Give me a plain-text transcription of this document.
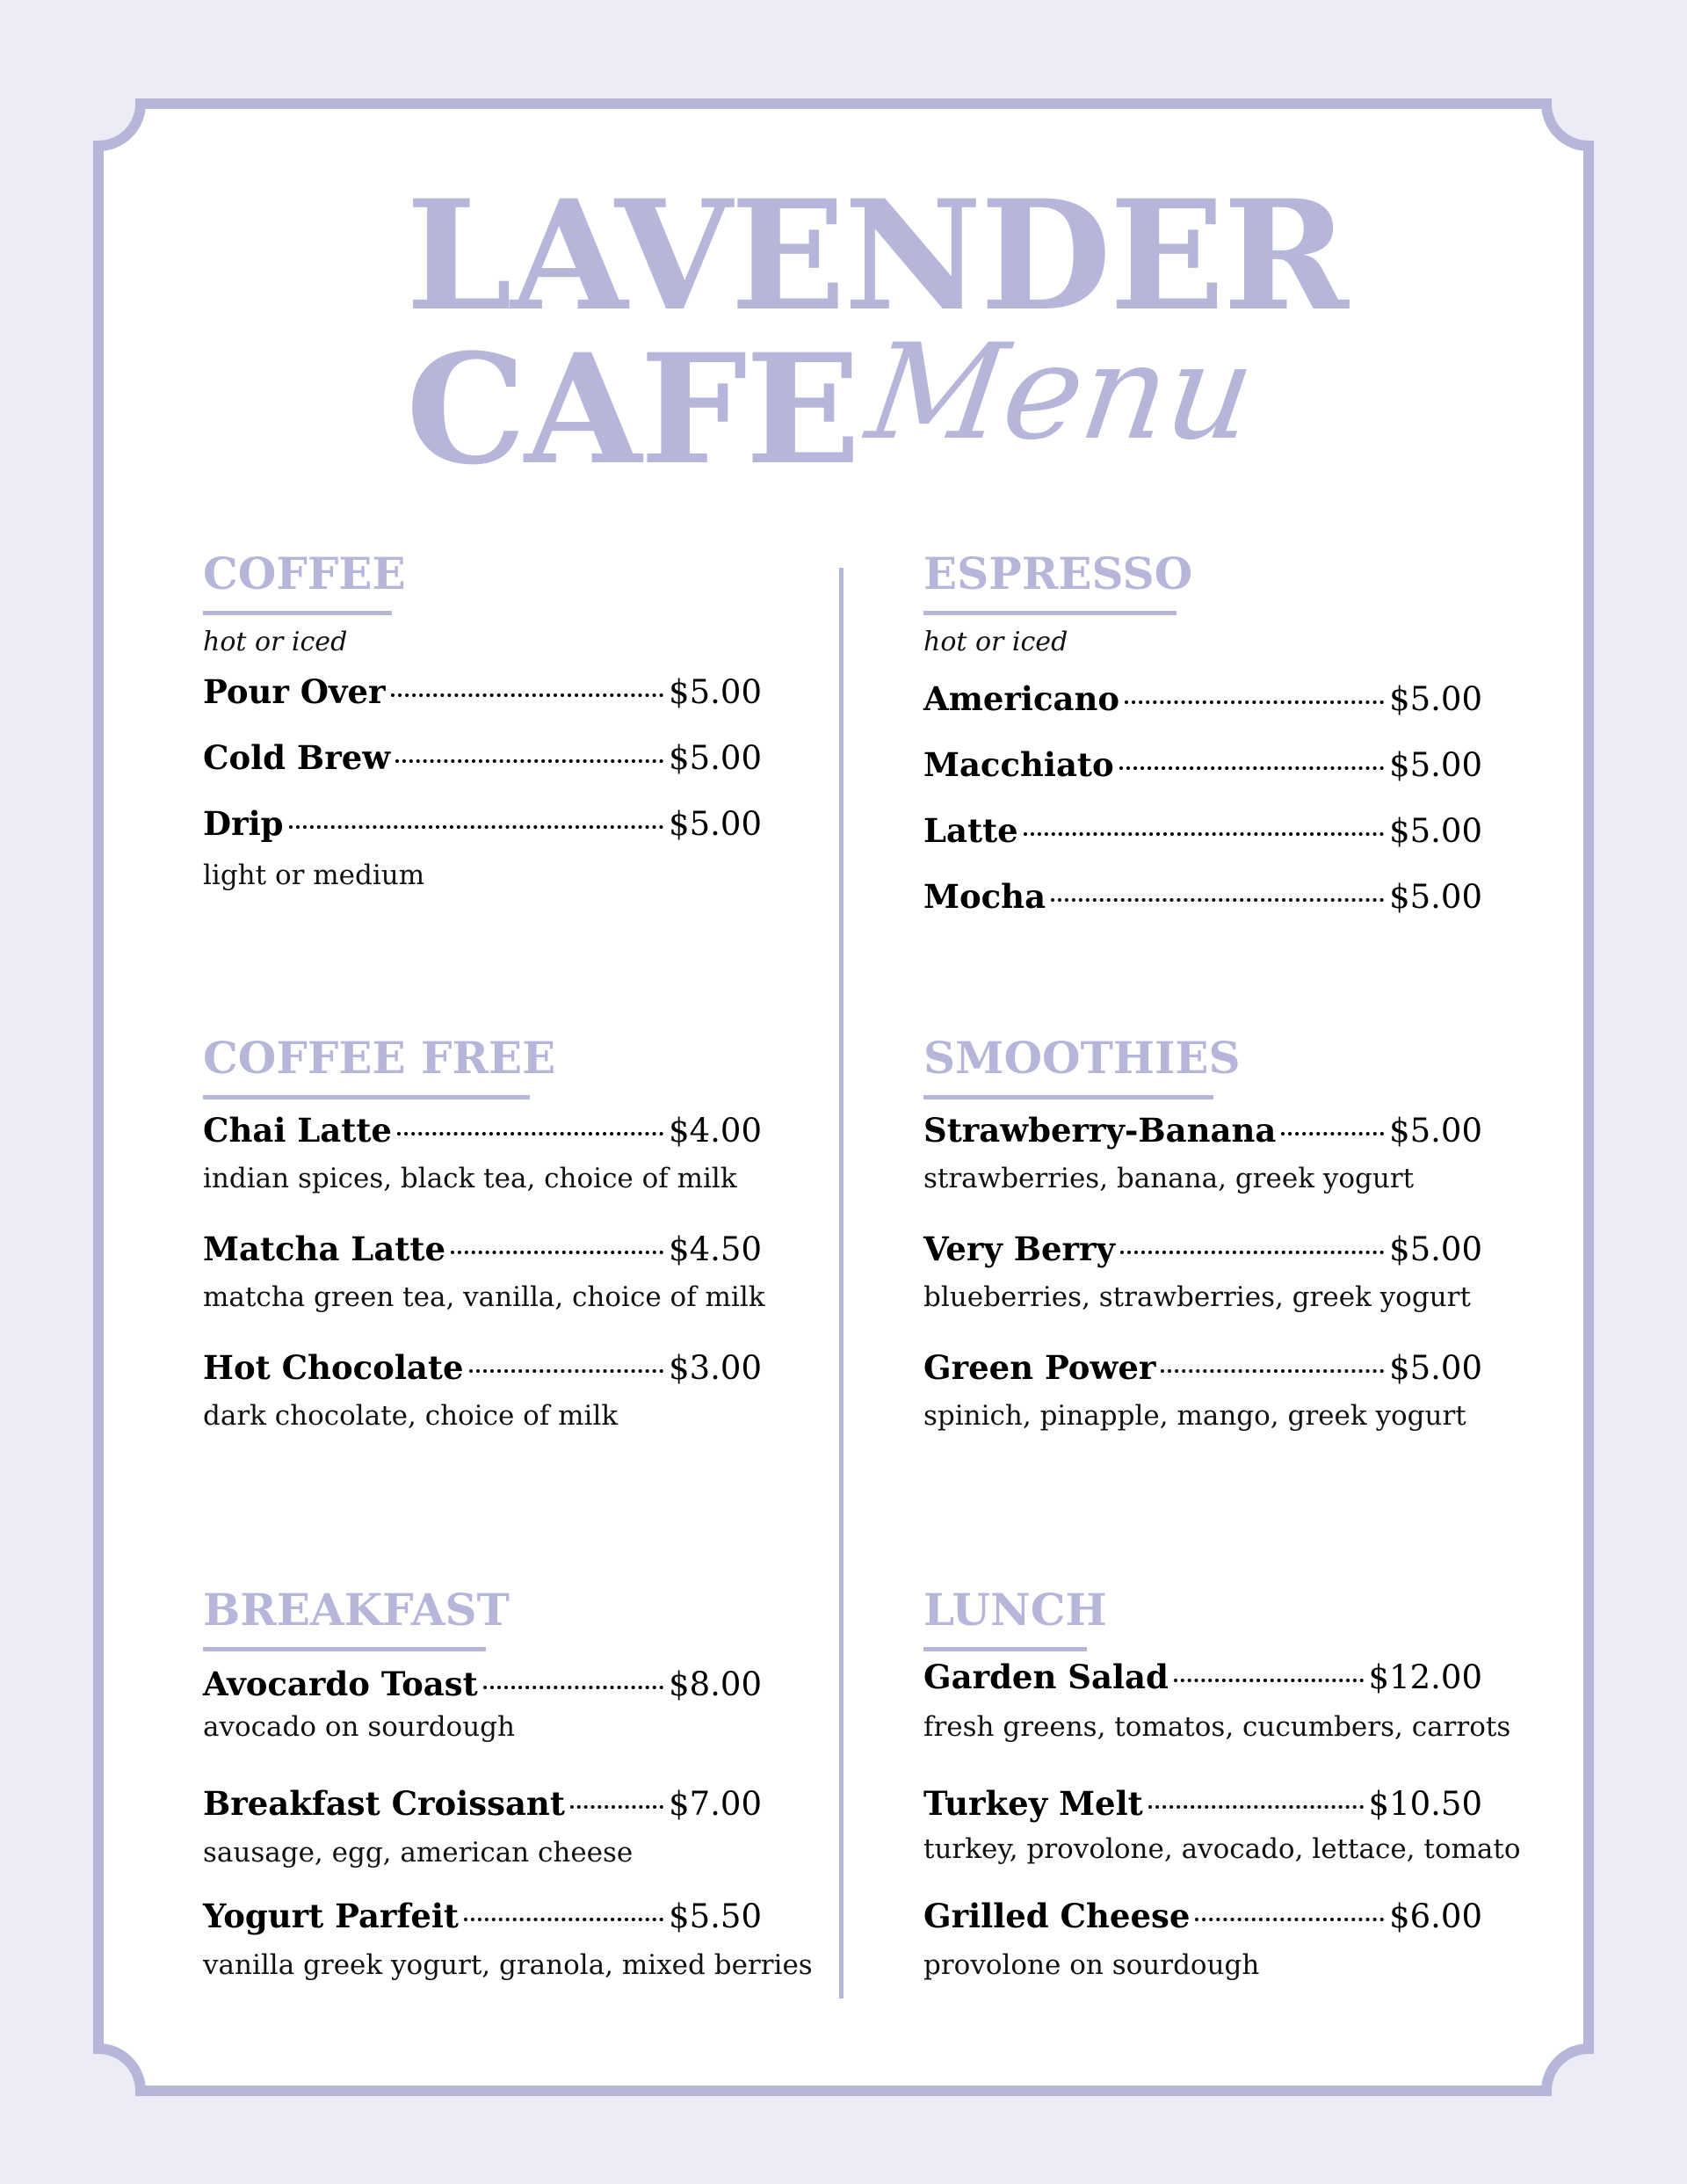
LAVENDER
CAFE Menu
COFFEE
hot or iced
Pour Over	$5.00
Cold Brew	$5.00
Drip	$5.00
light or medium
ESPRESSO
hot or iced
Americano	$5.00
Macchiato	$5.00
Latte	$5.00
Mocha	$5.00
COFFEE FREE
Chai Latte	$4.00
indian spices, black tea, choice of milk
Matcha Latte	$4.50
matcha green tea, vanilla, choice of milk
Hot Chocolate	$3.00
dark chocolate, choice of milk
SMOOTHIES
Strawberry-Banana	$5.00
strawberries, banana, greek yogurt
Very Berry	$5.00
blueberries, strawberries, greek yogurt
Green Power	$5.00
spinich, pinapple, mango, greek yogurt
BREAKFAST
Avocardo Toast	$8.00
avocado on sourdough
Breakfast Croissant	$7.00
sausage, egg, american cheese
Yogurt Parfeit	$5.50
vanilla greek yogurt, granola, mixed berries
LUNCH
Garden Salad	$12.00
fresh greens, tomatos, cucumbers, carrots
Turkey Melt	$10.50
turkey, provolone, avocado, lettace, tomato
Grilled Cheese	$6.00
provolone on sourdough
